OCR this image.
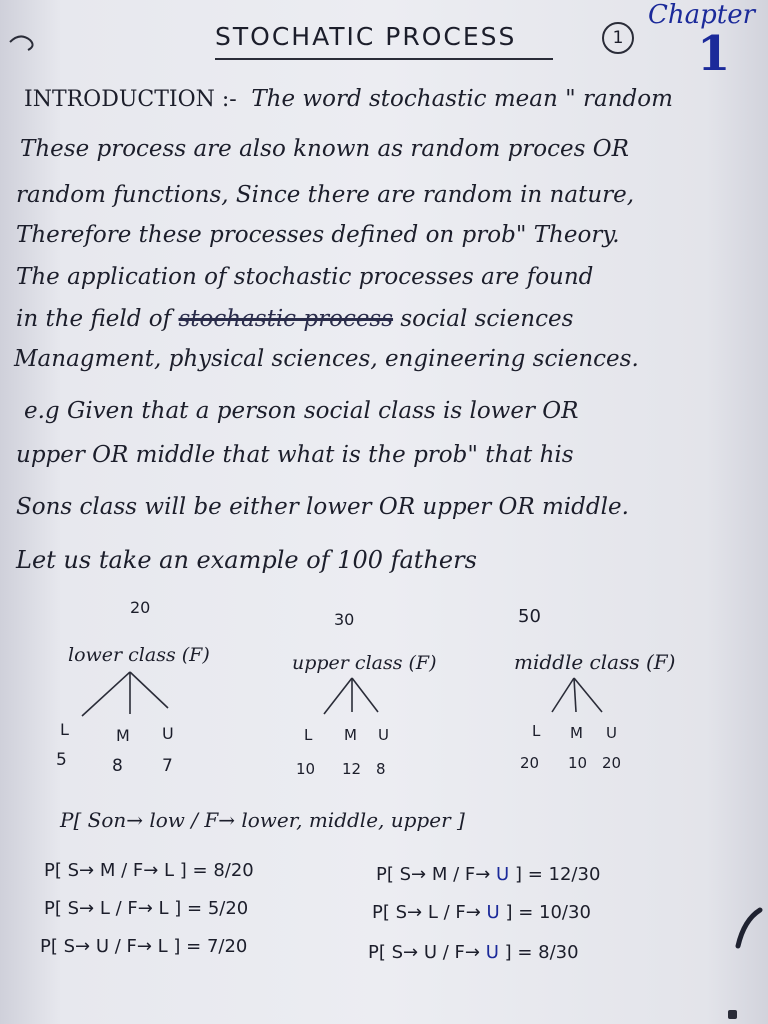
STOCHATIC PROCESS	1
Chapter
1
INTRODUCTION :- The word stochastic mean " random
These process are also known as random proces OR
random functions, Since there are random in nature,
Therefore these processes defined on prob" Theory.
The application of stochastic processes are found
in the field of stochastic process social sciences
Managment, physical sciences, engineering sciences.
e.g Given that a person social class is lower OR
upper OR middle that what is the prob" that his
Sons class will be either lower OR upper OR middle.
Let us take an example of 100 fathers
20
30	50
lower class (F)	upper class (F)	middle class (F)
L	M U	L M U	L M U
5	8 7	10 12 8	20 10 20
P[ Son→ low / F→ lower, middle, upper ]
P[ S→ M / F→ L ] = 8/20
P[ S→ L / F→ L ] = 5/20
P[ S→ U / F→ L ] = 7/20
P[ S→ M / F→ U ] = 12/30
P[ S→ L / F→ U ] = 10/30
P[ S→ U / F→ U ] = 8/30
